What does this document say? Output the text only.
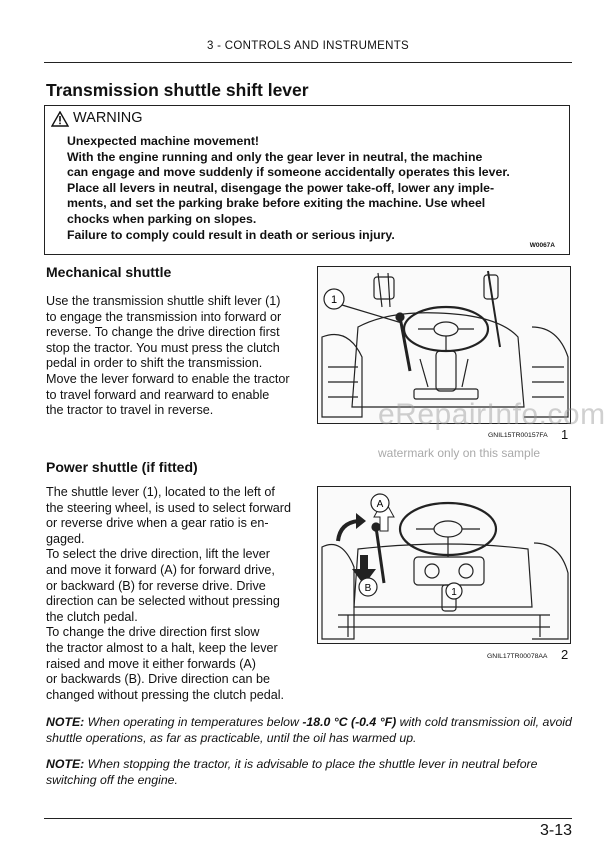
3 - CONTROLS AND INSTRUMENTS
Transmission shuttle shift lever
WARNING
Unexpected machine movement!
With the engine running and only the gear lever in neutral, the machine
can engage and move suddenly if someone accidentally operates this lever.
Place all levers in neutral, disengage the power take-off, lower any imple-
ments, and set the parking brake before exiting the machine. Use wheel
chocks when parking on slopes.
Failure to comply could result in death or serious injury.
W0067A
Mechanical shuttle
Use the transmission shuttle shift lever (1)
to engage the transmission into forward or
reverse. To change the drive direction first
stop the tractor. You must press the clutch
pedal in order to shift the transmission.
Move the lever forward to enable the tractor
to travel forward and rearward to enable
the tractor to travel in reverse.
1
GNIL15TR00157FA 1
eRepairInfo.com
watermark only on this sample
Power shuttle (if fitted)
The shuttle lever (1), located to the left of
the steering wheel, is used to select forward
or reverse drive when a gear ratio is en-
gaged.
To select the drive direction, lift the lever
and move it forward (A) for forward drive,
or backward (B) for reverse drive. Drive
direction can be selected without pressing
the clutch pedal.
To change the drive direction first slow
the tractor almost to a halt, keep the lever
raised and move it either forwards (A)
or backwards (B). Drive direction can be
changed without pressing the clutch pedal.
A
B	1
GNIL17TR00078AA 2
NOTE: When operating in temperatures below -18.0 °C (-0.4 °F) with cold transmission oil, avoid shuttle operations, as far as practicable, until the oil has warmed up.
NOTE: When stopping the tractor, it is advisable to place the shuttle lever in neutral before switching off the engine.
3-13
